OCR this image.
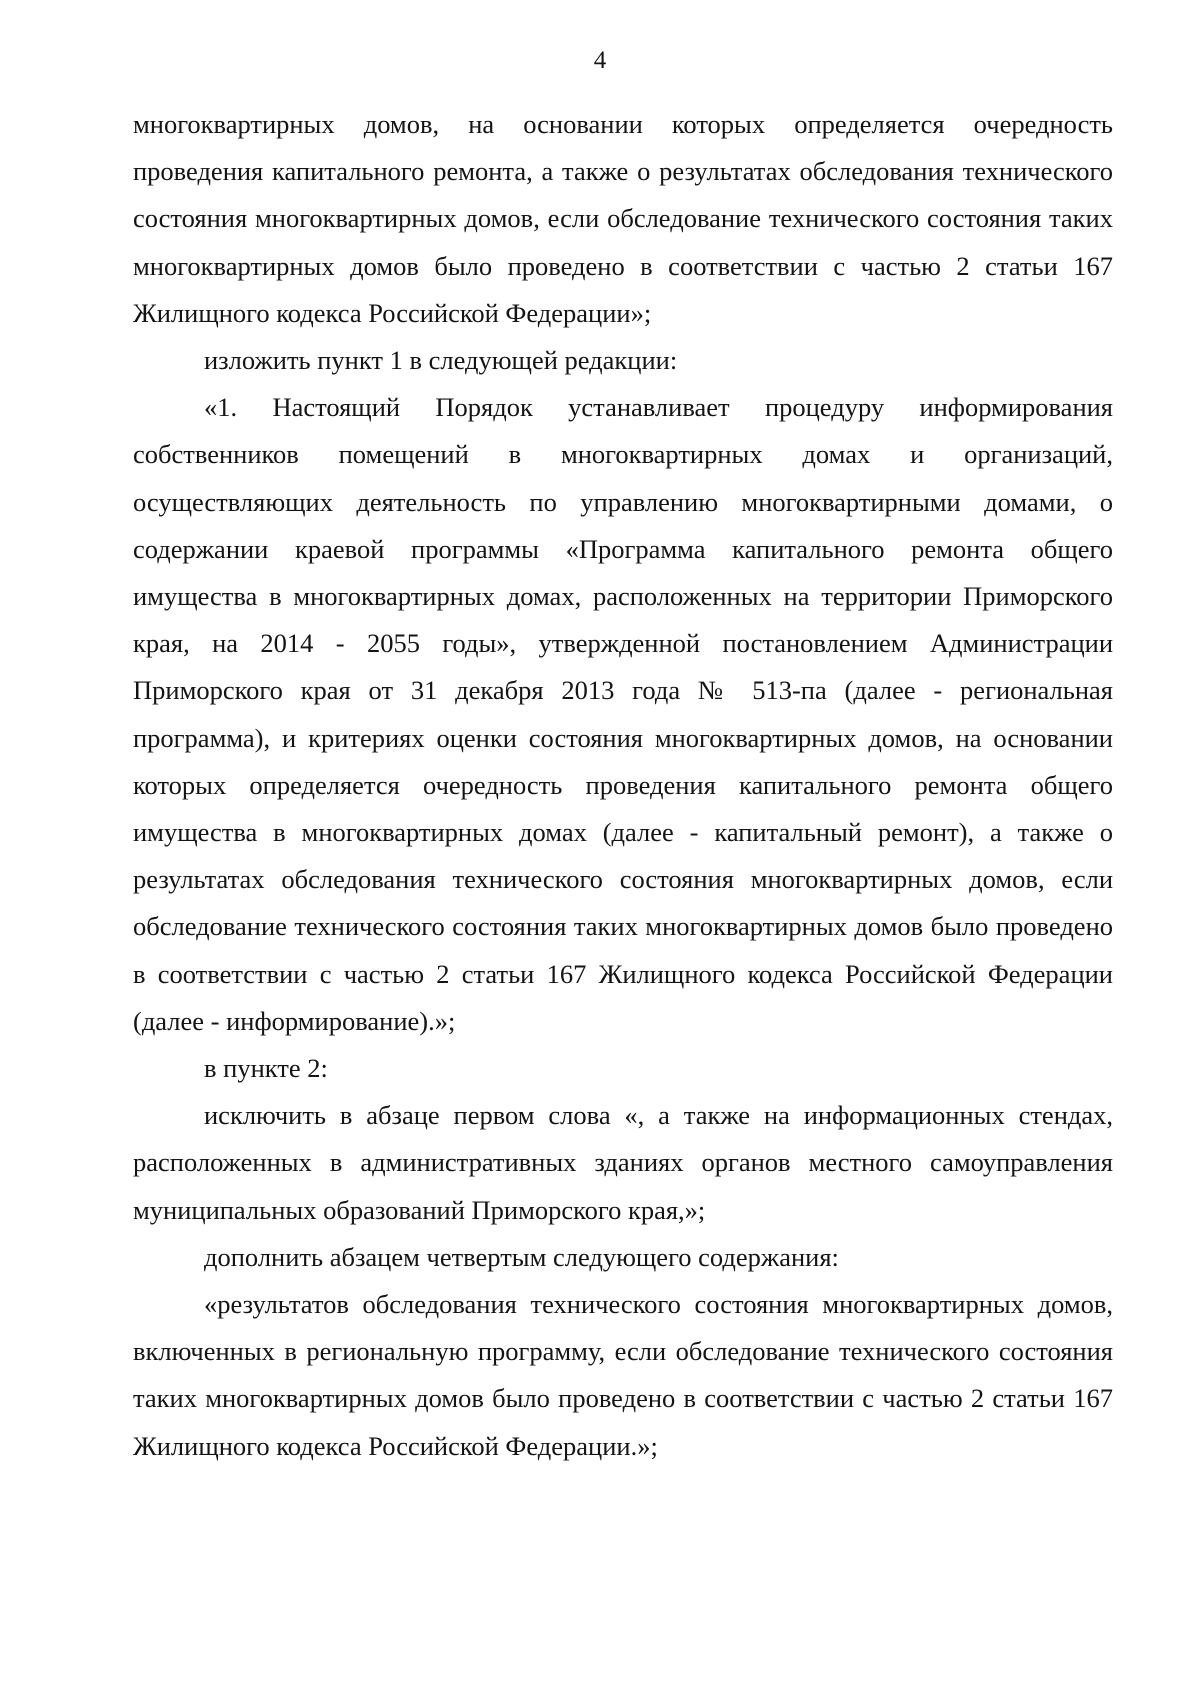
4

многоквартирных домов, на основании которых определяется очередность проведения капитального ремонта, а также о результатах обследования технического состояния многоквартирных домов, если обследование технического состояния таких многоквартирных домов было проведено в соответствии с частью 2 статьи 167 Жилищного кодекса Российской Федерации»;

изложить пункт 1 в следующей редакции:

«1. Настоящий Порядок устанавливает процедуру информирования собственников помещений в многоквартирных домах и организаций, осуществляющих деятельность по управлению многоквартирными домами, о содержании краевой программы «Программа капитального ремонта общего имущества в многоквартирных домах, расположенных на территории Приморского края, на 2014 - 2055 годы», утвержденной постановлением Администрации Приморского края от 31 декабря 2013 года № 513-па (далее - региональная программа), и критериях оценки состояния многоквартирных домов, на основании которых определяется очередность проведения капитального ремонта общего имущества в многоквартирных домах (далее - капитальный ремонт), а также о результатах обследования технического состояния многоквартирных домов, если обследование технического состояния таких многоквартирных домов было проведено в соответствии с частью 2 статьи 167 Жилищного кодекса Российской Федерации (далее - информирование).»;

в пункте 2:

исключить в абзаце первом слова «, а также на информационных стендах, расположенных в административных зданиях органов местного самоуправления муниципальных образований Приморского края,»;

дополнить абзацем четвертым следующего содержания:

«результатов обследования технического состояния многоквартирных домов, включенных в региональную программу, если обследование технического состояния таких многоквартирных домов было проведено в соответствии с частью 2 статьи 167 Жилищного кодекса Российской Федерации.»;
